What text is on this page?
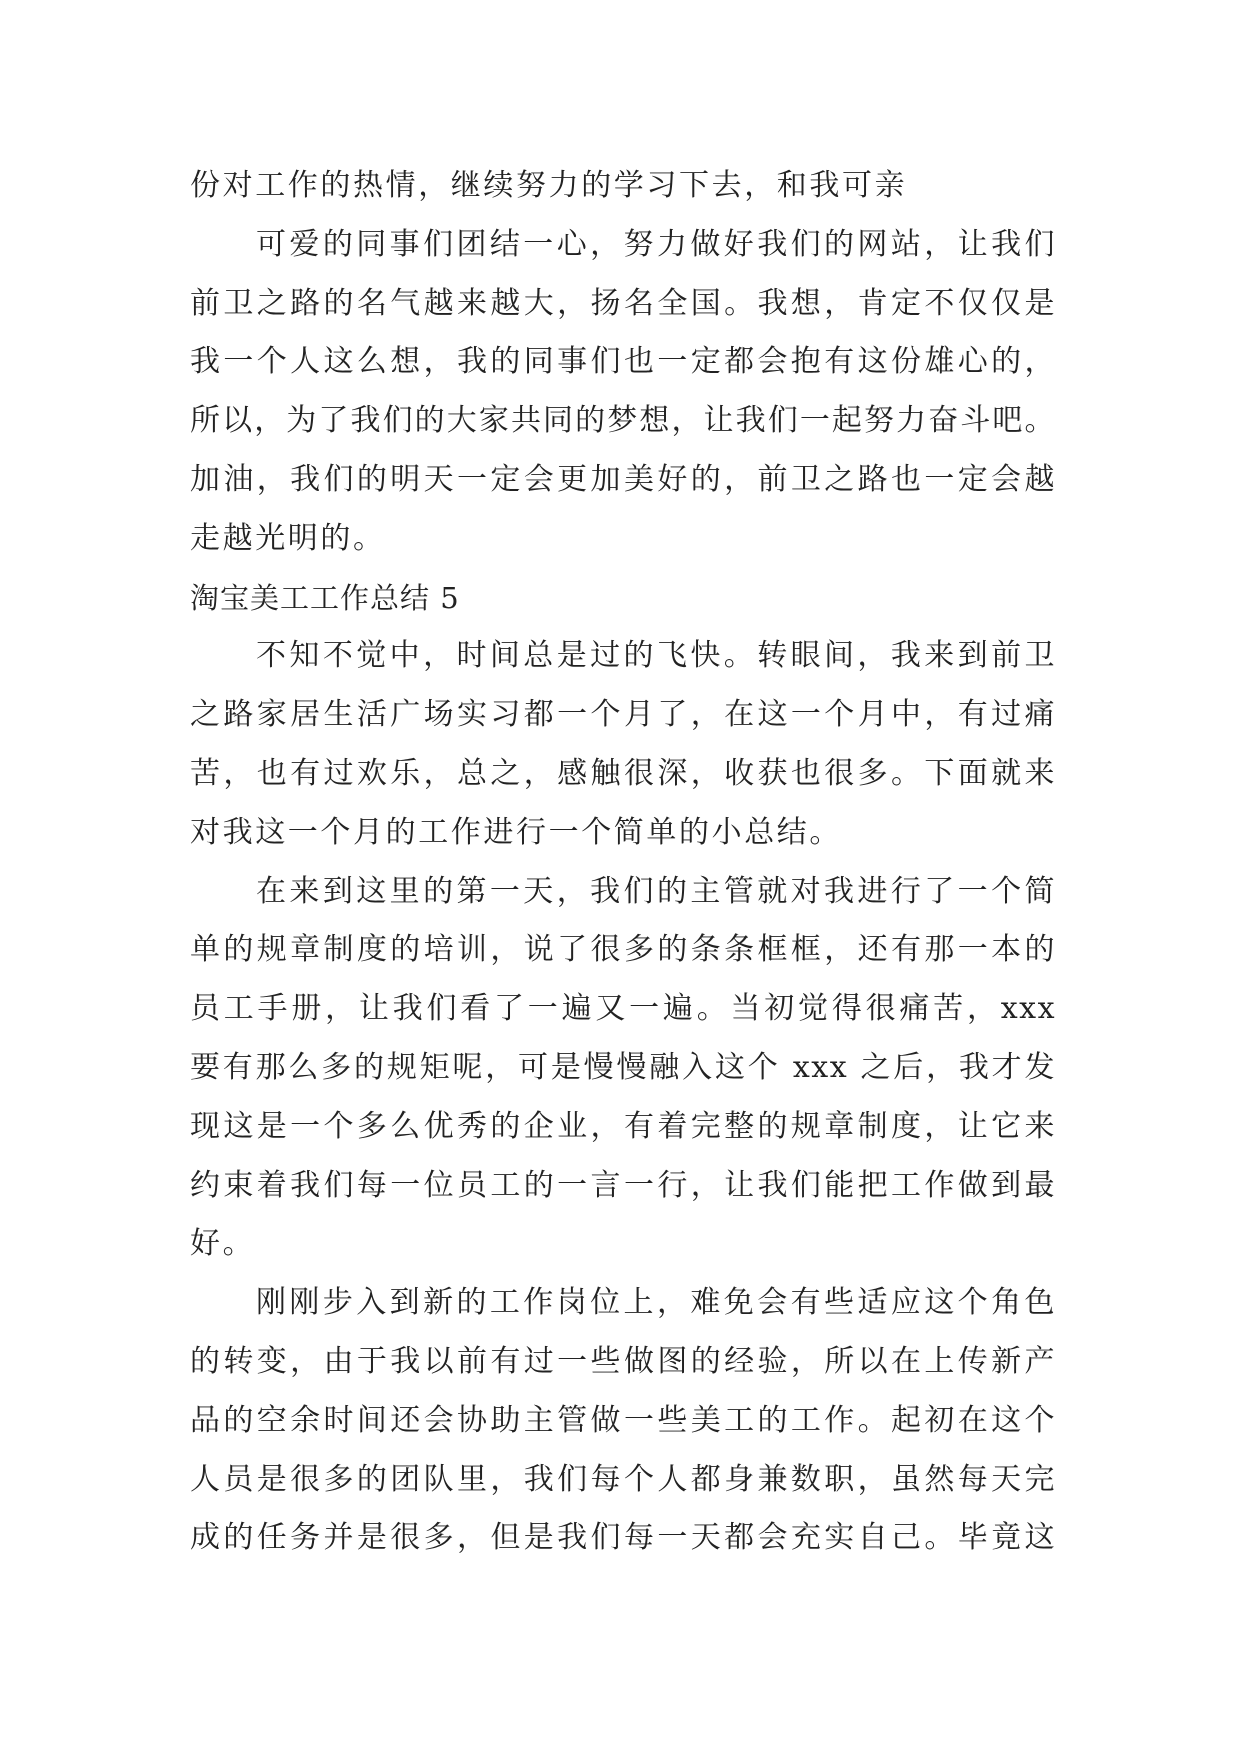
份对工作的热情，继续努力的学习下去，和我可亲
可爱的同事们团结一心，努力做好我们的网站，让我们
前卫之路的名气越来越大，扬名全国。我想，肯定不仅仅是
我一个人这么想，我的同事们也一定都会抱有这份雄心的，
所以，为了我们的大家共同的梦想，让我们一起努力奋斗吧。
加油，我们的明天一定会更加美好的，前卫之路也一定会越
走越光明的。
淘宝美工工作总结 5
不知不觉中，时间总是过的飞快。转眼间，我来到前卫
之路家居生活广场实习都一个月了，在这一个月中，有过痛
苦，也有过欢乐，总之，感触很深，收获也很多。下面就来
对我这一个月的工作进行一个简单的小总结。
在来到这里的第一天，我们的主管就对我进行了一个简
单的规章制度的培训，说了很多的条条框框，还有那一本的
员工手册，让我们看了一遍又一遍。当初觉得很痛苦，xxx
要有那么多的规矩呢，可是慢慢融入这个 xxx 之后，我才发
现这是一个多么优秀的企业，有着完整的规章制度，让它来
约束着我们每一位员工的一言一行，让我们能把工作做到最
好。
刚刚步入到新的工作岗位上，难免会有些适应这个角色
的转变，由于我以前有过一些做图的经验，所以在上传新产
品的空余时间还会协助主管做一些美工的工作。起初在这个
人员是很多的团队里，我们每个人都身兼数职，虽然每天完
成的任务并是很多，但是我们每一天都会充实自己。毕竟这
